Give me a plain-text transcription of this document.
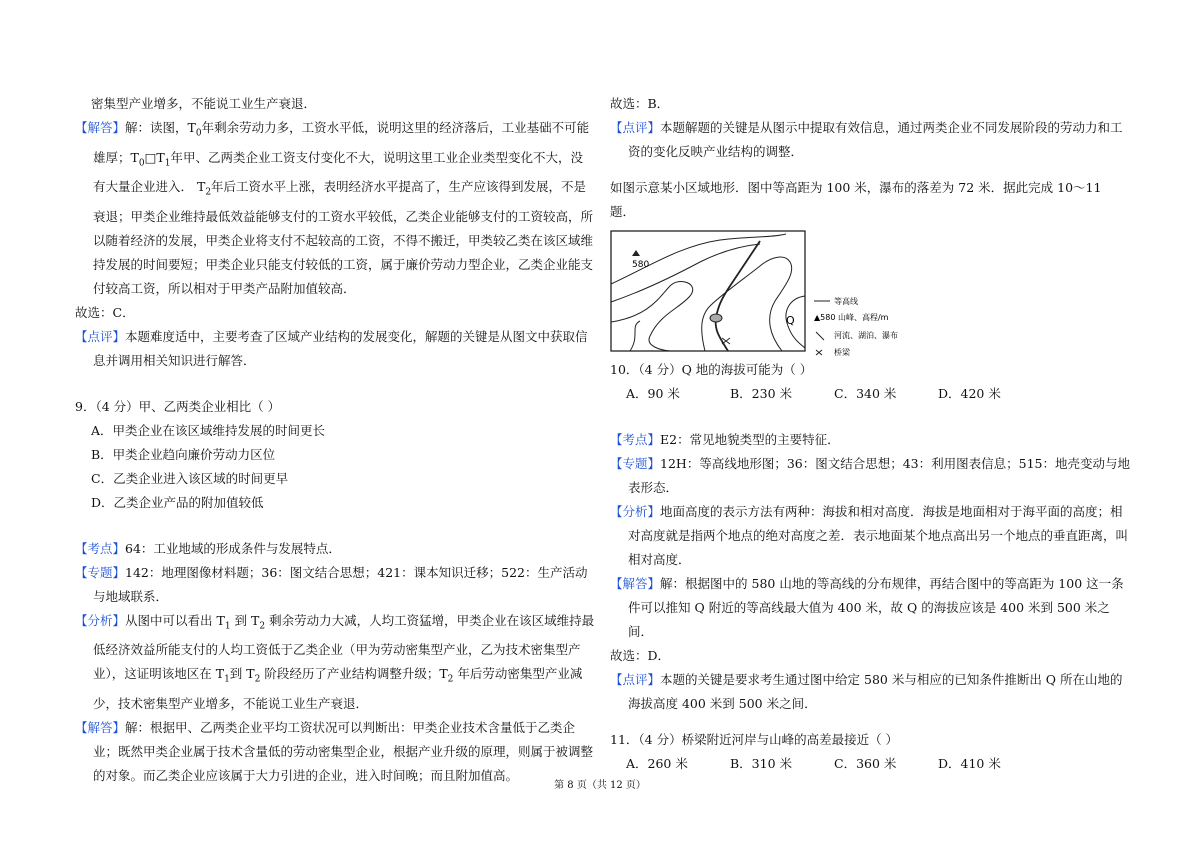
密集型产业增多，不能说工业生产衰退．

【解答】解：读图，$T_0$年剩余劳动力多，工资水平低，说明这里的经济落后，工业基础不可能雄厚；$T_0□T_1$年甲、乙两类企业工资支付变化不大，说明这里工业企业类型变化不大，没有大量企业进入． $T_2$年后工资水平上涨，表明经济水平提高了，生产应该得到发展，不是衰退；甲类企业维持最低效益能够支付的工资水平较低，乙类企业能够支付的工资较高，所以随着经济的发展，甲类企业将支付不起较高的工资，不得不搬迁，甲类较乙类在该区域维持发展的时间要短；甲类企业只能支付较低的工资，属于廉价劳动力型企业，乙类企业能支付较高工资，所以相对于甲类产品附加值较高．

故选：C．

【点评】本题难度适中，主要考查了区域产业结构的发展变化，解题的关键是从图文中获取信息并调用相关知识进行解答．

9．（4 分）甲、乙两类企业相比（ ）

A．甲类企业在该区域维持发展的时间更长

B．甲类企业趋向廉价劳动力区位

C．乙类企业进入该区域的时间更早

D．乙类企业产品的附加值较低

【考点】64：工业地域的形成条件与发展特点．

【专题】142：地理图像材料题；36：图文结合思想；421：课本知识迁移；522：生产活动与地域联系．

【分析】从图中可以看出 $T_1$ 到 $T_2$ 剩余劳动力大减，人均工资猛增，甲类企业在该区域维持最低经济效益所能支付的人均工资低于乙类企业（甲为劳动密集型产业，乙为技术密集型产业），这证明该地区在 $T_1$到 $T_2$ 阶段经历了产业结构调整升级；$T_2$ 年后劳动密集型产业减少，技术密集型产业增多，不能说工业生产衰退．

【解答】解：根据甲、乙两类企业平均工资状况可以判断出：甲类企业技术含量低于乙类企业；既然甲类企业属于技术含量低的劳动密集型企业，根据产业升级的原理，则属于被调整的对象。而乙类企业应该属于大力引进的企业，进入时间晚；而且附加值高。

故选：B．

【点评】本题解题的关键是从图示中提取有效信息，通过两类企业不同发展阶段的劳动力和工资的变化反映产业结构的调整．

如图示意某小区域地形．图中等高距为 100 米，瀑布的落差为 72 米．据此完成 10～11 题．

580
Q
等高线
▲580 山峰、高程/m
河流、湖泊、瀑布
桥梁

10．（4 分）Q 地的海拔可能为（ ）

A．90 米	B．230 米	C．340 米	D．420 米

【考点】E2：常见地貌类型的主要特征．

【专题】12H：等高线地形图；36：图文结合思想；43：利用图表信息；515：地壳变动与地表形态．

【分析】地面高度的表示方法有两种：海拔和相对高度．海拔是地面相对于海平面的高度；相对高度就是指两个地点的绝对高度之差．表示地面某个地点高出另一个地点的垂直距离，叫相对高度．

【解答】解：根据图中的 580 山地的等高线的分布规律，再结合图中的等高距为 100 这一条件可以推知 Q 附近的等高线最大值为 400 米，故 Q 的海拔应该是 400 米到 500 米之间．

故选：D．

【点评】本题的关键是要求考生通过图中给定 580 米与相应的已知条件推断出 Q 所在山地的海拔高度 400 米到 500 米之间．

11．（4 分）桥梁附近河岸与山峰的高差最接近（ ）

A．260 米	B．310 米	C．360 米	D．410 米
第 8 页（共 12 页）
